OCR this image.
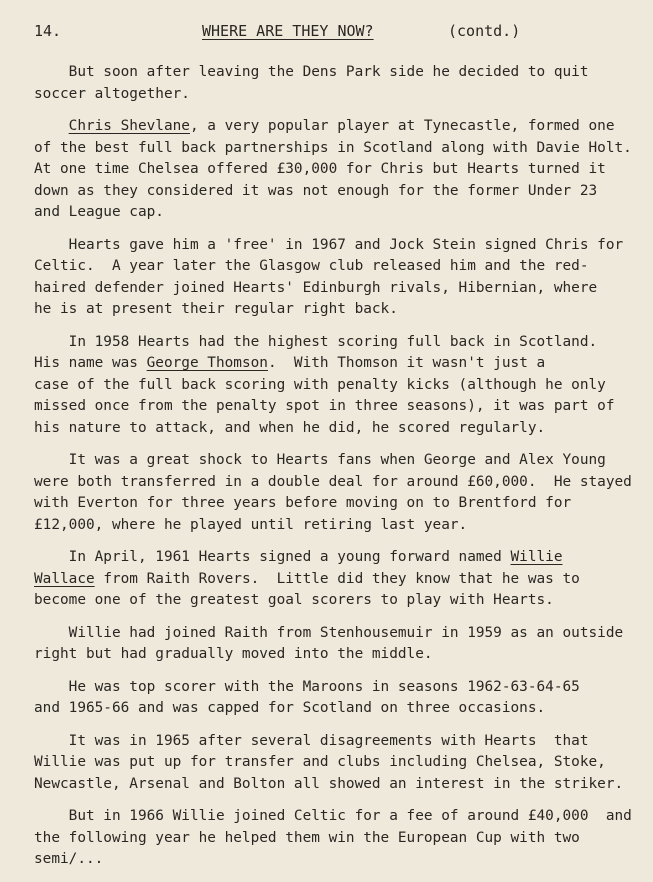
14.	WHERE ARE THEY NOW?	(contd.)
But soon after leaving the Dens Park side he decided to quit
soccer altogether.
Chris Shevlane, a very popular player at Tynecastle, formed one
of the best full back partnerships in Scotland along with Davie Holt.
At one time Chelsea offered £30,000 for Chris but Hearts turned it
down as they considered it was not enough for the former Under 23
and League cap.
Hearts gave him a 'free' in 1967 and Jock Stein signed Chris for
Celtic.  A year later the Glasgow club released him and the red-
haired defender joined Hearts' Edinburgh rivals, Hibernian, where
he is at present their regular right back.
In 1958 Hearts had the highest scoring full back in Scotland.
His name was George Thomson.  With Thomson it wasn't just a
case of the full back scoring with penalty kicks (although he only
missed once from the penalty spot in three seasons), it was part of
his nature to attack, and when he did, he scored regularly.
It was a great shock to Hearts fans when George and Alex Young
were both transferred in a double deal for around £60,000.  He stayed
with Everton for three years before moving on to Brentford for
£12,000, where he played until retiring last year.
In April, 1961 Hearts signed a young forward named Willie
Wallace from Raith Rovers.  Little did they know that he was to
become one of the greatest goal scorers to play with Hearts.
Willie had joined Raith from Stenhousemuir in 1959 as an outside
right but had gradually moved into the middle.
He was top scorer with the Maroons in seasons 1962-63-64-65
and 1965-66 and was capped for Scotland on three occasions.
It was in 1965 after several disagreements with Hearts  that
Willie was put up for transfer and clubs including Chelsea, Stoke,
Newcastle, Arsenal and Bolton all showed an interest in the striker.
But in 1966 Willie joined Celtic for a fee of around £40,000  and
the following year he helped them win the European Cup with two
semi/...
